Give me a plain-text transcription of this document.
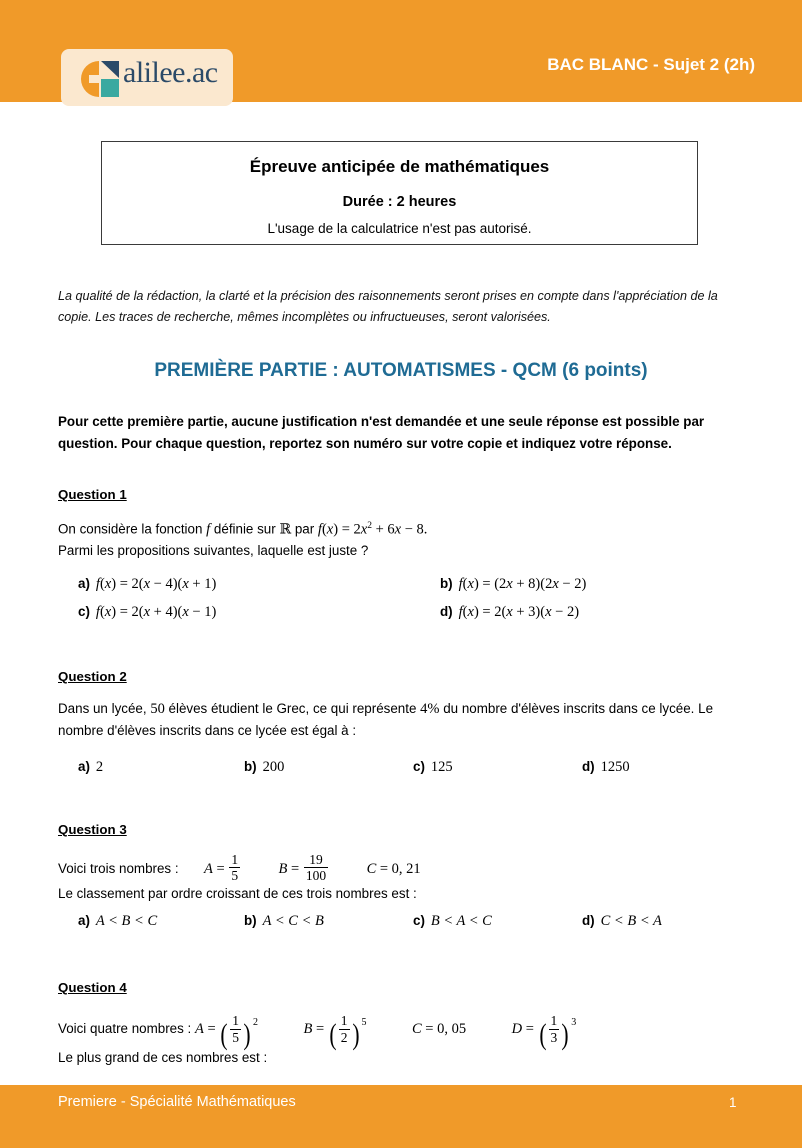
alilee.ac	BAC BLANC - Sujet 2 (2h)
Épreuve anticipée de mathématiques
Durée : 2 heures
L'usage de la calculatrice n'est pas autorisé.
La qualité de la rédaction, la clarté et la précision des raisonnements seront prises en compte dans l'appréciation de la copie. Les traces de recherche, mêmes incomplètes ou infructueuses, seront valorisées.
PREMIÈRE PARTIE : AUTOMATISMES - QCM (6 points)
Pour cette première partie, aucune justification n'est demandée et une seule réponse est possible par question. Pour chaque question, reportez son numéro sur votre copie et indiquez votre réponse.
Question 1
On considère la fonction f définie sur ℝ par $f(x) = 2x^2 + 6x - 8$.
Parmi les propositions suivantes, laquelle est juste ?
a) f(x) = 2(x − 4)(x + 1)	b) f(x) = (2x + 8)(2x − 2)
c) f(x) = 2(x + 4)(x − 1)	d) f(x) = 2(x + 3)(x − 2)
Question 2
Dans un lycée, 50 élèves étudient le Grec, ce qui représente 4% du nombre d'élèves inscrits dans ce lycée. Le nombre d'élèves inscrits dans ce lycée est égal à :
a) 2	b) 200	c) 125	d) 1250
Question 3
Voici trois nombres : $A = \frac{1}{5}$	$B = \frac{19}{100}$	C = 0, 21
Le classement par ordre croissant de ces trois nombres est :
a) A < B < C	b) A < C < B	c) B < A < C	d) C < B < A
Question 4
Voici quatre nombres : A = ( $\frac{1}{5}$ ) $^2$	B = ( $\frac{1}{2}$ ) $^5$	C = 0, 05	D = ( $\frac{1}{3}$ ) $^3$
Le plus grand de ces nombres est :
Premiere - Spécialité Mathématiques	1
